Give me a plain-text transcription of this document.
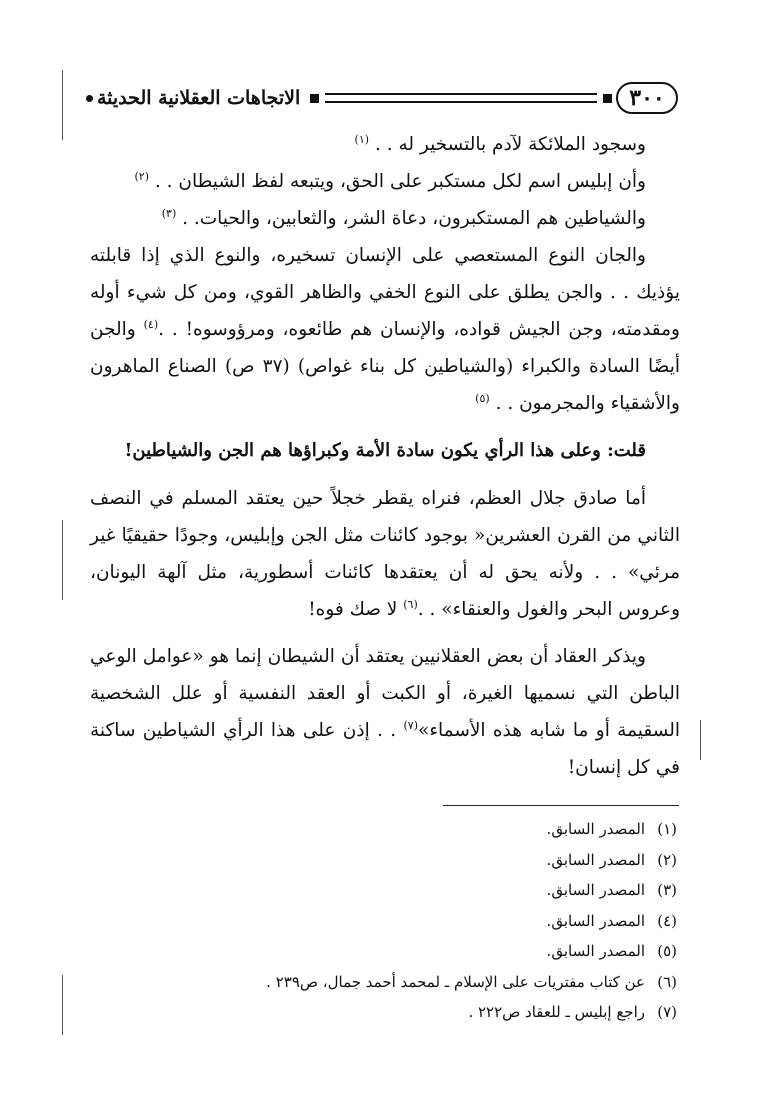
٣٠٠
الاتجاهات العقلانية الحديثة

وسجود الملائكة لآدم بالتسخير له . . $^{(١)}$

وأن إبليس اسم لكل مستكبر على الحق، ويتبعه لفظ الشيطان . . $^{(٢)}$

والشياطين هم المستكبرون، دعاة الشر، والثعابين، والحيات. . $^{(٣)}$

والجان النوع المستعصي على الإنسان تسخيره، والنوع الذي إذا قابلته يؤذيك . . والجن يطلق على النوع الخفي والظاهر القوي، ومن كل شيء أوله ومقدمته، وجن الجيش قواده، والإنسان هم طائعوه، ومرؤوسوه! . .$^{(٤)}$ والجن أيضًا السادة والكبراء (والشياطين كل بناء غواص) (٣٧ ص) الصناع الماهرون والأشقياء والمجرمون . . $^{(٥)}$

قلت: وعلى هذا الرأي يكون سادة الأمة وكبراؤها هم الجن والشياطين!

أما صادق جلال العظم، فنراه يقطر خجلاً حين يعتقد المسلم في النصف الثاني من القرن العشرين« بوجود كائنات مثل الجن وإبليس، وجودًا حقيقيًا غير مرئي» . . ولأنه يحق له أن يعتقدها كائنات أسطورية، مثل آلهة اليونان، وعروس البحر والغول والعنقاء» . .$^{(٦)}$ لا صك فوه!

ويذكر العقاد أن بعض العقلانيين يعتقد أن الشيطان إنما هو «عوامل الوعي الباطن التي نسميها الغيرة، أو الكبت أو العقد النفسية أو علل الشخصية السقيمة أو ما شابه هذه الأسماء»$^{(٧)}$ . . إذن على هذا الرأي الشياطين ساكنة في كل إنسان!

(١)المصدر السابق.

(٢)المصدر السابق.

(٣)المصدر السابق.

(٤)المصدر السابق.

(٥)المصدر السابق.

(٦)عن كتاب مفتريات على الإسلام ـ لمحمد أحمد جمال، ص٢٣٩ .

(٧)راجع إبليس ـ للعقاد ص٢٢٢ .
